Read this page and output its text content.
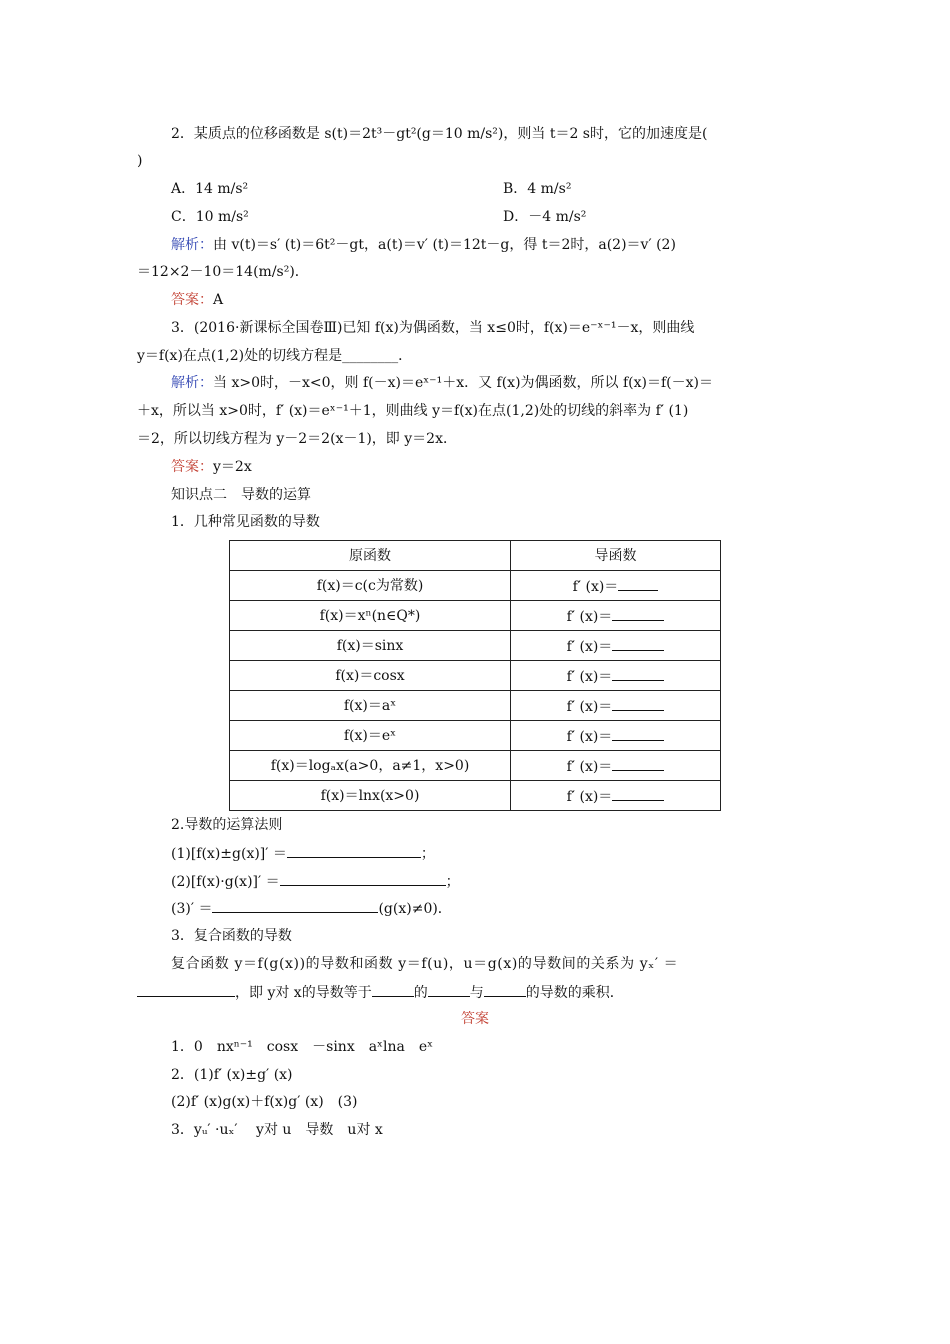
2．某质点的位移函数是 s(t)＝2t³－gt²(g＝10 m/s²)，则当 t＝2 s时，它的加速度是(
)
A．14 m/s²	B．4 m/s²
C．10 m/s²	D．－4 m/s²
解析：由 v(t)＝s′ (t)＝6t²－gt，a(t)＝v′ (t)＝12t－g，得 t＝2时，a(2)＝v′ (2)
＝12×2－10＝14(m/s²)．
答案：A
3．(2016·新课标全国卷Ⅲ)已知 f(x)为偶函数，当 x≤0时，f(x)＝e⁻ˣ⁻¹－x，则曲线
y＝f(x)在点(1,2)处的切线方程是________．
解析：当 x>0时，－x<0，则 f(－x)＝eˣ⁻¹＋x．又 f(x)为偶函数，所以 f(x)＝f(－x)＝
＋x，所以当 x>0时，f′ (x)＝eˣ⁻¹＋1，则曲线 y＝f(x)在点(1,2)处的切线的斜率为 f′ (1)
＝2，所以切线方程为 y－2＝2(x－1)，即 y＝2x．
答案：y＝2x
知识点二　导数的运算
1．几种常见函数的导数
原函数	导函数
f(x)＝c(c为常数)	f′ (x)＝
f(x)＝xⁿ(n∈Q*)	f′ (x)＝
f(x)＝sinx	f′ (x)＝
f(x)＝cosx	f′ (x)＝
f(x)＝aˣ	f′ (x)＝
f(x)＝eˣ	f′ (x)＝
f(x)＝logₐx(a>0，a≠1，x>0)	f′ (x)＝
f(x)＝lnx(x>0)	f′ (x)＝
2.导数的运算法则
(1)[f(x)±g(x)]′ ＝	；
(2)[f(x)·g(x)]′ ＝	；
(3)′ ＝	(g(x)≠0)．
3．复合函数的导数
复合函数 y＝f(g(x))的导数和函数 y＝f(u)，u＝g(x)的导数间的关系为 yₓ′ ＝
，即 y对 x的导数等于	的	与	的导数的乘积．
答案
1．0　nxⁿ⁻¹　cosx　－sinx　aˣlna　eˣ
2．(1)f′ (x)±g′ (x)
(2)f′ (x)g(x)＋f(x)g′ (x)　(3)
3．yᵤ′ ·uₓ′ 　y对 u　导数　u对 x
